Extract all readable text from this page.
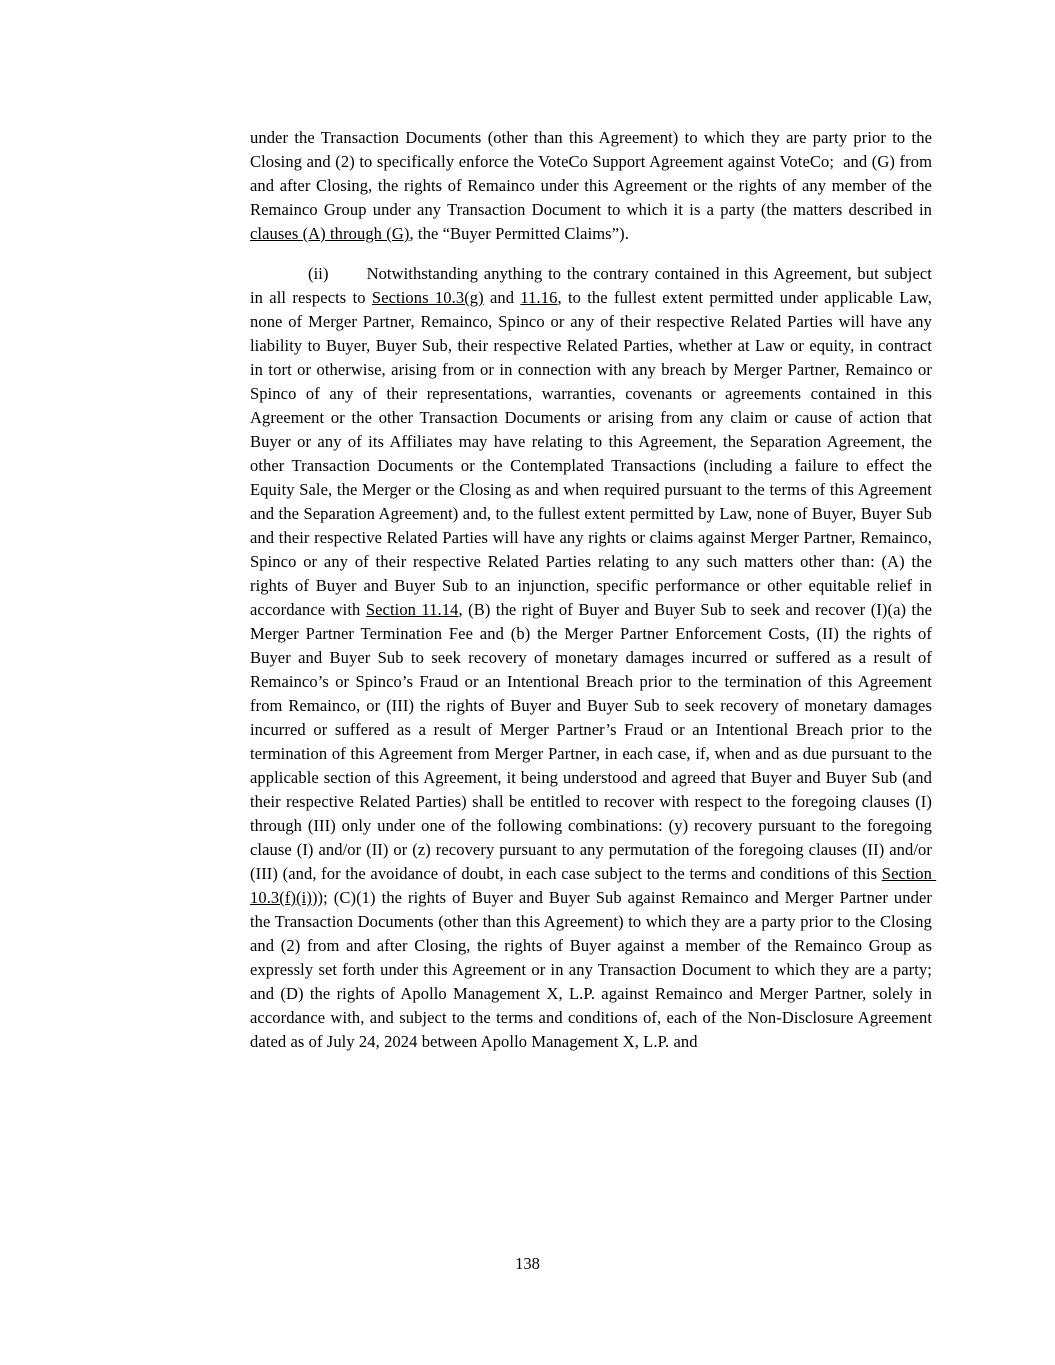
under the Transaction Documents (other than this Agreement) to which they are party prior to the Closing and (2) to specifically enforce the VoteCo Support Agreement against VoteCo;  and (G) from and after Closing, the rights of Remainco under this Agreement or the rights of any member of the Remainco Group under any Transaction Document to which it is a party (the matters described in clauses (A) through (G), the “Buyer Permitted Claims”).

(ii) Notwithstanding anything to the contrary contained in this Agreement, but subject in all respects to Sections 10.3(g) and 11.16, to the fullest extent permitted under applicable Law, none of Merger Partner, Remainco, Spinco or any of their respective Related Parties will have any liability to Buyer, Buyer Sub, their respective Related Parties, whether at Law or equity, in contract in tort or otherwise, arising from or in connection with any breach by Merger Partner, Remainco or Spinco of any of their representations, warranties, covenants or agreements contained in this Agreement or the other Transaction Documents or arising from any claim or cause of action that Buyer or any of its Affiliates may have relating to this Agreement, the Separation Agreement, the other Transaction Documents or the Contemplated Transactions (including a failure to effect the Equity Sale, the Merger or the Closing as and when required pursuant to the terms of this Agreement and the Separation Agreement) and, to the fullest extent permitted by Law, none of Buyer, Buyer Sub and their respective Related Parties will have any rights or claims against Merger Partner, Remainco, Spinco or any of their respective Related Parties relating to any such matters other than: (A) the rights of Buyer and Buyer Sub to an injunction, specific performance or other equitable relief in accordance with Section 11.14, (B) the right of Buyer and Buyer Sub to seek and recover (I)(a) the Merger Partner Termination Fee and (b) the Merger Partner Enforcement Costs, (II) the rights of Buyer and Buyer Sub to seek recovery of monetary damages incurred or suffered as a result of Remainco’s or Spinco’s Fraud or an Intentional Breach prior to the termination of this Agreement from Remainco, or (III) the rights of Buyer and Buyer Sub to seek recovery of monetary damages incurred or suffered as a result of Merger Partner’s Fraud or an Intentional Breach prior to the termination of this Agreement from Merger Partner, in each case, if, when and as due pursuant to the applicable section of this Agreement, it being understood and agreed that Buyer and Buyer Sub (and their respective Related Parties) shall be entitled to recover with respect to the foregoing clauses (I) through (III) only under one of the following combinations: (y) recovery pursuant to the foregoing clause (I) and/or (II) or (z) recovery pursuant to any permutation of the foregoing clauses (II) and/or (III) (and, for the avoidance of doubt, in each case subject to the terms and conditions of this Section 10.3(f)(i))); (C)(1) the rights of Buyer and Buyer Sub against Remainco and Merger Partner under the Transaction Documents (other than this Agreement) to which they are a party prior to the Closing and (2) from and after Closing, the rights of Buyer against a member of the Remainco Group as expressly set forth under this Agreement or in any Transaction Document to which they are a party; and (D) the rights of Apollo Management X, L.P. against Remainco and Merger Partner, solely in accordance with, and subject to the terms and conditions of, each of the Non-Disclosure Agreement dated as of July 24, 2024 between Apollo Management X, L.P. and

138
